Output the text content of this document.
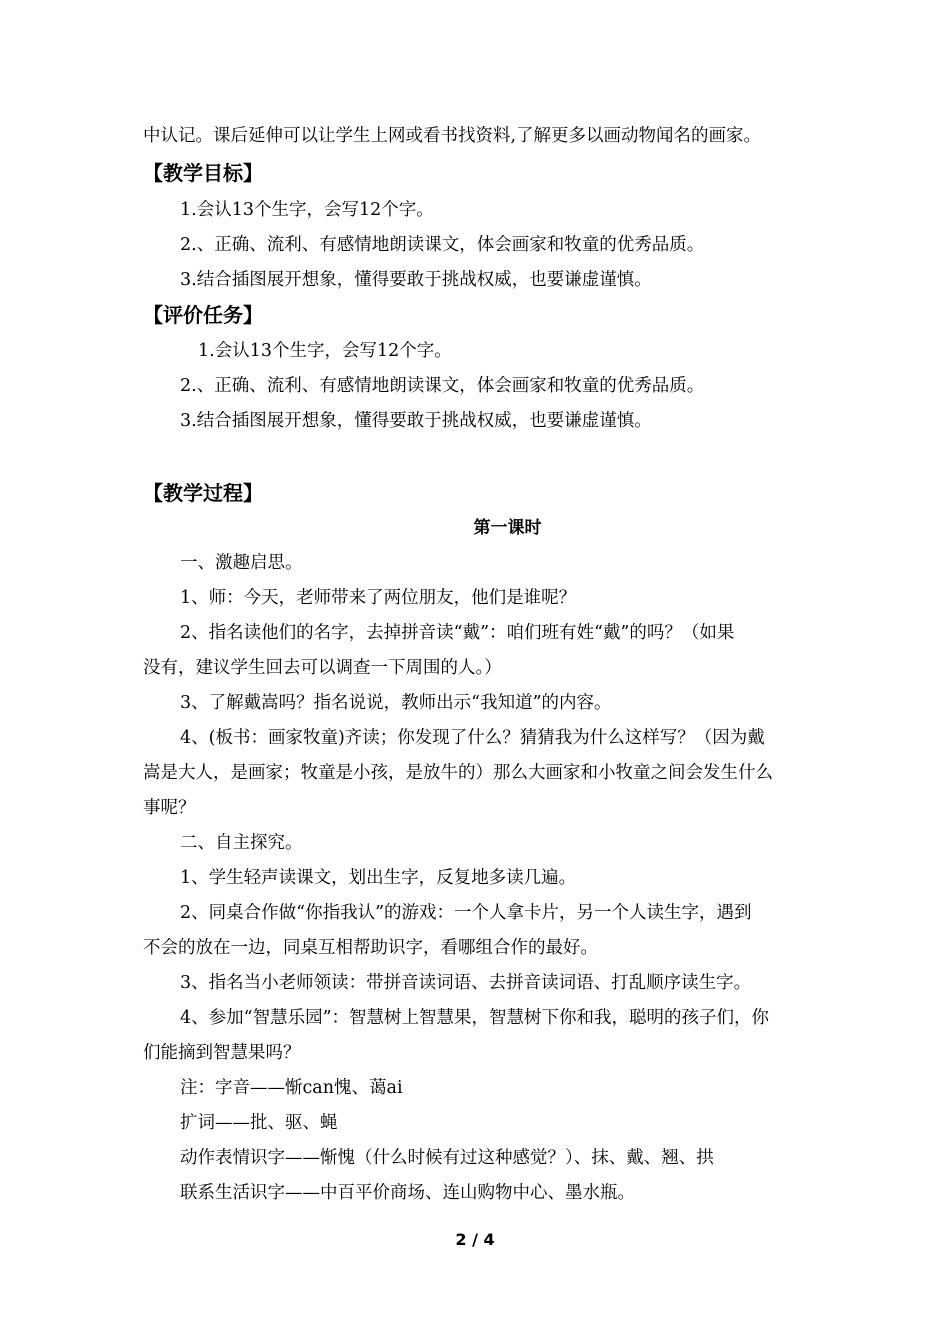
中认记。课后延伸可以让学生上网或看书找资料,了解更多以画动物闻名的画家。
【教学目标】
1.会认13个生字，会写12个字。
2.、正确、流利、有感情地朗读课文，体会画家和牧童的优秀品质。
3.结合插图展开想象，懂得要敢于挑战权威，也要谦虚谨慎。
【评价任务】
1.会认13个生字，会写12个字。
2.、正确、流利、有感情地朗读课文，体会画家和牧童的优秀品质。
3.结合插图展开想象，懂得要敢于挑战权威，也要谦虚谨慎。
【教学过程】
第一课时
一、激趣启思。
1、师：今天，老师带来了两位朋友，他们是谁呢？
2、指名读他们的名字，去掉拼音读“戴”：咱们班有姓“戴”的吗？（如果
没有，建议学生回去可以调查一下周围的人。）
3、了解戴嵩吗？指名说说，教师出示“我知道”的内容。
4、(板书：画家牧童)齐读；你发现了什么？猜猜我为什么这样写？（因为戴
嵩是大人，是画家；牧童是小孩，是放牛的）那么大画家和小牧童之间会发生什么
事呢？
二、自主探究。
1、学生轻声读课文，划出生字，反复地多读几遍。
2、同桌合作做“你指我认”的游戏：一个人拿卡片，另一个人读生字，遇到
不会的放在一边，同桌互相帮助识字，看哪组合作的最好。
3、指名当小老师领读：带拼音读词语、去拼音读词语、打乱顺序读生字。
4、参加“智慧乐园”：智慧树上智慧果，智慧树下你和我，聪明的孩子们，你
们能摘到智慧果吗？
注：字音——惭can愧、蔼ai
扩词——批、驱、蝇
动作表情识字——惭愧（什么时候有过这种感觉？）、抹、戴、翘、拱
联系生活识字——中百平价商场、连山购物中心、墨水瓶。
2 / 4
